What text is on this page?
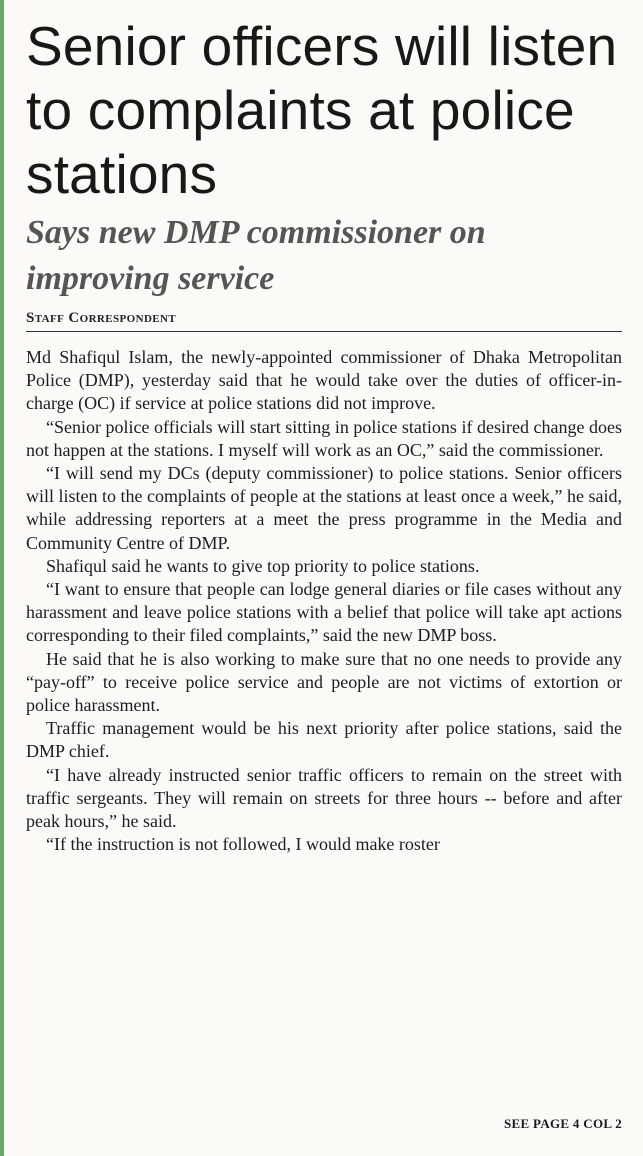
Senior officers will listen to complaints at police stations
Says new DMP commissioner on improving service
Staff Correspondent

Md Shafiqul Islam, the newly-appointed commissioner of Dhaka Metropolitan Police (DMP), yesterday said that he would take over the duties of officer-in-charge (OC) if service at police stations did not improve.

“Senior police officials will start sitting in police stations if desired change does not happen at the stations. I myself will work as an OC,” said the commissioner.

“I will send my DCs (deputy commissioner) to police stations. Senior officers will listen to the complaints of people at the stations at least once a week,” he said, while addressing reporters at a meet the press programme in the Media and Community Centre of DMP.

Shafiqul said he wants to give top priority to police stations.

“I want to ensure that people can lodge general diaries or file cases without any harassment and leave police stations with a belief that police will take apt actions corresponding to their filed complaints,” said the new DMP boss.

He said that he is also working to make sure that no one needs to provide any “pay-off” to receive police service and people are not victims of extortion or police harassment.

Traffic management would be his next priority after police stations, said the DMP chief.

“I have already instructed senior traffic officers to remain on the street with traffic sergeants. They will remain on streets for three hours -- before and after peak hours,” he said.

“If the instruction is not followed, I would make roster

SEE PAGE 4 COL 2
